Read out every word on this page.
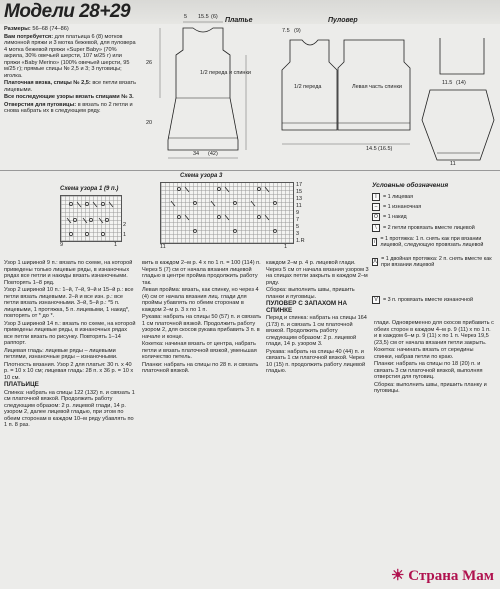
Модели 28+29

Размеры: 56–68 (74–86)

Вам потребуется: для платьица 6 (8) мотков лимонной пряжи и 3 мотка бежевой, для пуловера 4 мотка бежевой пряжи «Super Baby» (70% акрила, 30% овечьей шерсти, 107 м/25 г) или пряжи «Baby Merino» (100% овечьей шерсти, 95 м/25 г); прямые спицы № 2,5 и 3; 3 пуговицы; иголка.

Платочная вязка, спицы № 2,5: все петли вязать лицевыми.

Все последующие узоры вязать спицами № 3.

Отверстия для пуговицы: в вязать по 2 петли и снова набрать их в следующем ряду.

1/2 переда и спинки
5 15.5 (6)
26
20
34 (42)
Платье
1/2 переда	Левая часть спинки
7.5 (9)
14.5 (16.5)
11.5 (14)
11
Пуловер
Схема узора 1 (9 п.)
2
1
9	1
Схема узора 3
17
15
13
11
9
7
5
3
1.R
11	1
Условные обозначения
I	= 1 лицевая
–	= 1 изнаночная
O = 1 накид
\	= 2 петли провязать вместе лицевой
/ = 1 протяжка: 1 п. снять как при вязании лицевой, следующую провязать лицевой
Λ = 1 двойная протяжка: 2 п. снять вместе как при вязании лицевой
V = 3 п. провязать вместе изнаночной

Узор 1 шириной 9 п.: вязать по схеме, на которой приведены только лицевые ряды, в изнаночных рядах все петли и накиды вязать изнаночными. Повторять 1–8 ряд.

Узор 2 шириной 10 п.: 1–й, 7–й, 9–й и 15–й р.: все петли вязать лицевыми. 2–й и все изн. р.: все петли вязать изнаночными. 3–й, 5–й р.: *5 п. лицевыми, 1 протяжка, 5 п. лицевыми, 1 накид*, повторять от * до *.

Узор 3 шириной 14 п.: вязать по схеме, на которой приведены лицевые ряды, в изнаночных рядах все петли вязать по рисунку. Повторять 1–14 раппорт.

Лицевая гладь: лицевые ряды – лицевыми петлями, изнаночные ряды – изнаночными.

Плотность вязания. Узор 2 для платья: 30 п. х 40 р. = 10 х 10 см; лицевая гладь: 28 п. х 36 р. = 10 х 10 см.

ПЛАТЬИЦЕ

Спинка: набрать на спицы 122 (132) п. и связать 1 см платочной вязкой. Продолжить работу следующим образом: 2 р. лицевой глади, 14 р. узором 2, далее лицевой гладью, при этом по обеим сторонам в каждом 10–м ряду убавлять по 1 п. 8 раз.

вить в каждом 2–м р. 4 х по 1 п. = 100 (114) п. Через 5 (7) см от начала вязания лицевой гладью в центре пройма продолжить работу так.

Левая пройма: вязать, как спинку, но через 4 (4) см от начала вязания лиц. глади для проймы убавлять по обеим сторонам в каждом 2–м р. 3 х по 1 п.

Рукава: набрать на спицы 50 (57) п. и связать 1 см платочной вязкой. Продолжить работу узором 2, для скосов рукава прибавить 3 п. в начале и конце.

Кокетка: начиная вязать от центра, набрать петли и вязать платочной вязкой, уменьшая количество петель.

Планки: набрать на спицы по 28 п. и связать платочной вязкой.

каждом 2–м р. 4 р. лицевой глади. Через 5 см от начала вязания узором 3 на спицах петли закрыть в каждом 2–м ряду.

Сборка: выполнить швы, пришить планки и пуговицы.

ПУЛОВЕР С ЗАПАХОМ НА СПИНКЕ

Перед и спинка: набрать на спицы 164 (173) п. и связать 1 см платочной вязкой. Продолжить работу следующим образом: 2 р. лицевой глади, 14 р. узором 3.

Рукава: набрать на спицы 40 (44) п. и связать 1 см платочной вязкой. Через 10 (15) п. продолжить работу лицевой гладью.

глади. Одновременно для скосов прибавить с обеих сторон в каждом 4–м р. 9 (11) х по 1 п. и в каждом 6–м р. 9 (11) х по 1 п. Через 19,5 (23,5) см от начала вязания петли закрыть.

Кокетка: начинать вязать от середины спинки, набрав петли по краю.

Планки: набрать на спицы по 18 (20) п. и связать 3 см платочной вязкой, выполняя отверстия для пуговиц.

Сборка: выполнить швы, пришить планку и пуговицы.

☀ Страна Мам
